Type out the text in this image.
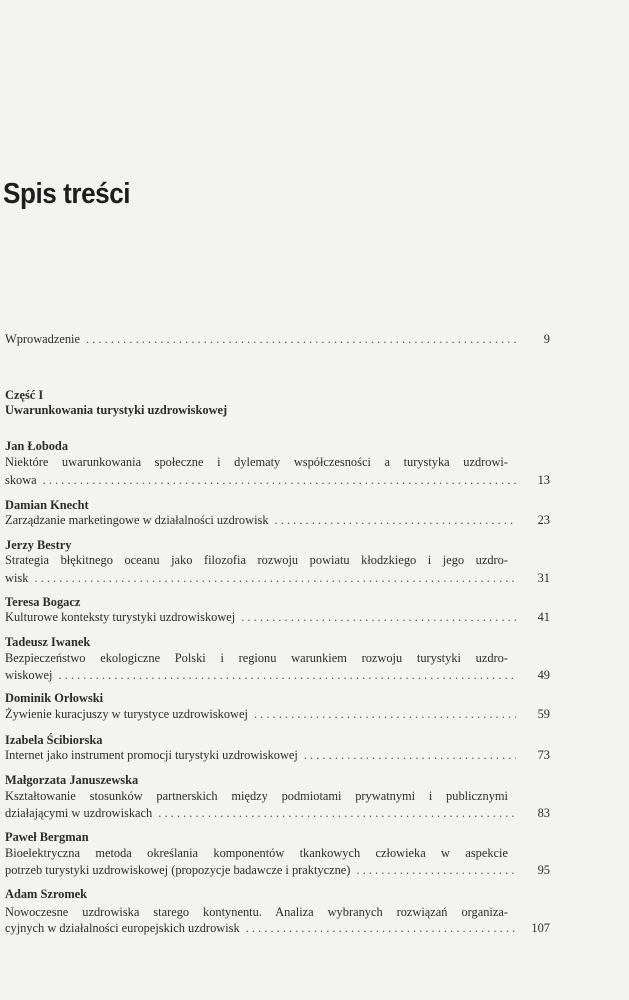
Spis treści
Wprowadzenie . . .	9
Część I
Uwarunkowania turystyki uzdrowiskowej
Jan Łoboda
Niektóre uwarunkowania społeczne i dylematy współczesności a turystyka uzdrowi-
skowa . . .	13
Damian Knecht
Zarządzanie marketingowe w działalności uzdrowisk . . .	23
Jerzy Bestry
Strategia błękitnego oceanu jako filozofia rozwoju powiatu kłodzkiego i jego uzdro-
wisk . . .	31
Teresa Bogacz
Kulturowe konteksty turystyki uzdrowiskowej . . .	41
Tadeusz Iwanek
Bezpieczeństwo ekologiczne Polski i regionu warunkiem rozwoju turystyki uzdro-
wiskowej . . .	49
Dominik Orłowski
Żywienie kuracjuszy w turystyce uzdrowiskowej . . .	59
Izabela Ścibiorska
Internet jako instrument promocji turystyki uzdrowiskowej . . .	73
Małgorzata Januszewska
Kształtowanie stosunków partnerskich między podmiotami prywatnymi i publicznymi
działającymi w uzdrowiskach . . .	83
Paweł Bergman
Bioelektryczna metoda określania komponentów tkankowych człowieka w aspekcie
potrzeb turystyki uzdrowiskowej (propozycje badawcze i praktyczne) . . .	95
Adam Szromek
Nowoczesne uzdrowiska starego kontynentu. Analiza wybranych rozwiązań organiza-
cyjnych w działalności europejskich uzdrowisk . . .	107
